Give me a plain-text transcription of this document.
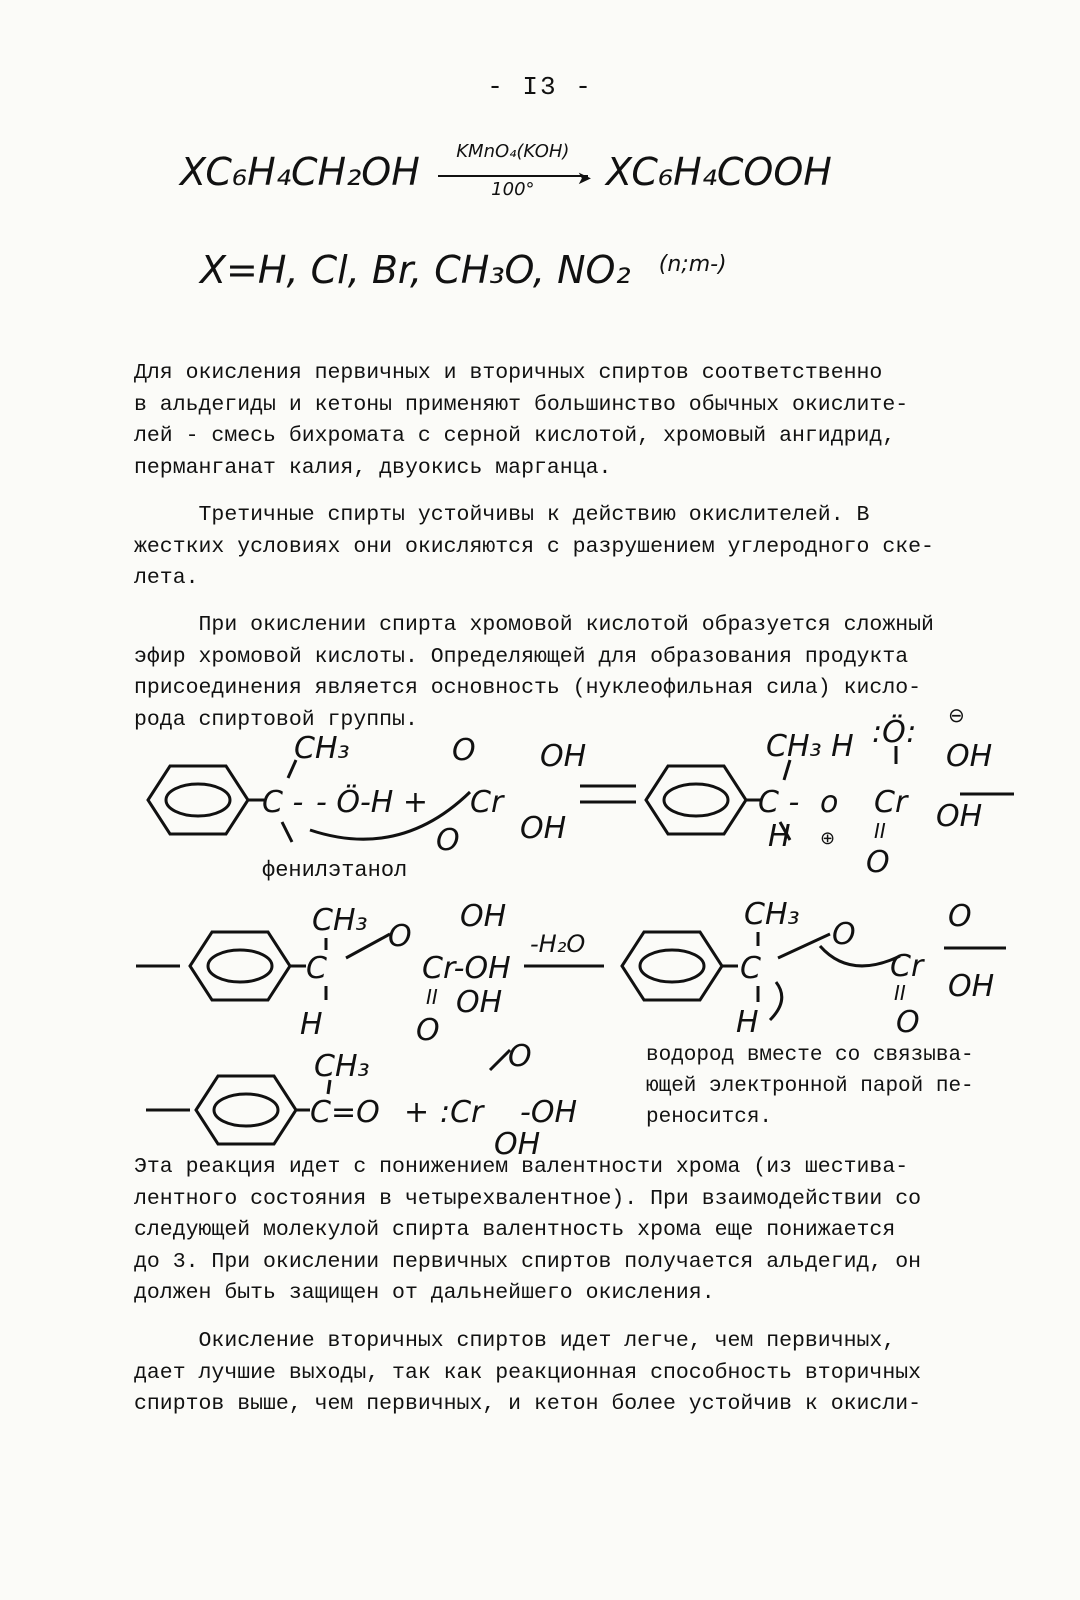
- I3 -
XC₆H₄CH₂OH	KMnO₄(KOH)
➤
100°	XC₆H₄COOH
X=H, Cl, Br, CH₃O, NO₂ $^{(n;m-)}$
Для окисления первичных и вторичных спиртов соответственно
в альдегиды и кетоны применяют большинство обычных окислите-
лей - смесь бихромата с серной кислотой, хромовый ангидрид,
перманганат калия, двуокись марганца.
Третичные спирты устойчивы к действию окислителей. В
жестких условиях они окисляются с разрушением углеродного ске-
лета.
При окислении спирта хромовой кислотой образуется сложный
эфир хромовой кислоты. Определяющей для образования продукта
присоединения является основность (нуклеофильная сила) кисло-
рода спиртовой группы.
CH₃
C - - Ö-H +
O OH
Cr
O OH
CH₃ H
C -
:Ö: ⊖
OH
o
⊕
Cr
II
O
OH
H
CH₃
C
H
O
OH
Cr-OH
II OH
O
-H₂O
CH₃
C
H
O
O
Cr
II
O
OH
CH₃
C=O + :Cr
O
-OH
OH
фенилэтанол
водород вместе со связыва-
ющей электронной парой пе-
реносится.
Эта реакция идет с понижением валентности хрома (из шестива-
лентного состояния в четырехвалентное). При взаимодействии со
следующей молекулой спирта валентность хрома еще понижается
до 3. При окислении первичных спиртов получается альдегид, он
должен быть защищен от дальнейшего окисления.
Окисление вторичных спиртов идет легче, чем первичных,
дает лучшие выходы, так как реакционная способность вторичных
спиртов выше, чем первичных, и кетон более устойчив к окисли-
